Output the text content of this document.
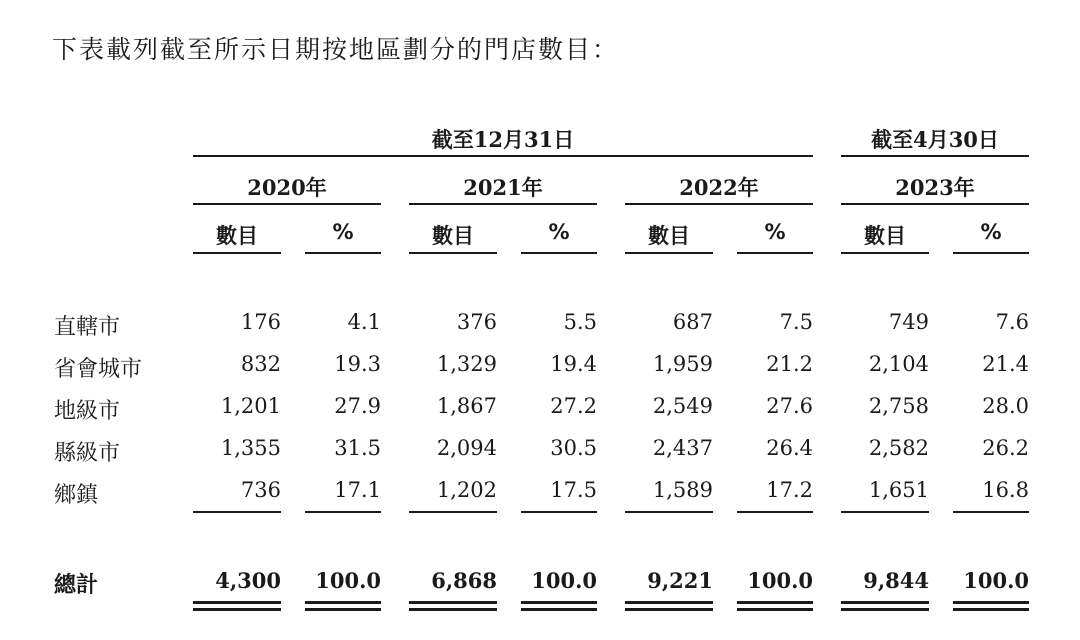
下表載列截至所示日期按地區劃分的門店數目：
截至12月31日	截至4月30日
2020年	2021年	2022年	2023年
數目	%	數目	%	數目	%	數目	%
直轄市	176	4.1	376	5.5	687	7.5	749	7.6
省會城市	832	19.3	1,329	19.4	1,959	21.2	2,104	21.4
地級市	1,201	27.9	1,867	27.2	2,549	27.6	2,758	28.0
縣級市	1,355	31.5	2,094	30.5	2,437	26.4	2,582	26.2
鄉鎮	736	17.1	1,202	17.5	1,589	17.2	1,651	16.8
總計	4,300	100.0	6,868	100.0	9,221	100.0	9,844	100.0
